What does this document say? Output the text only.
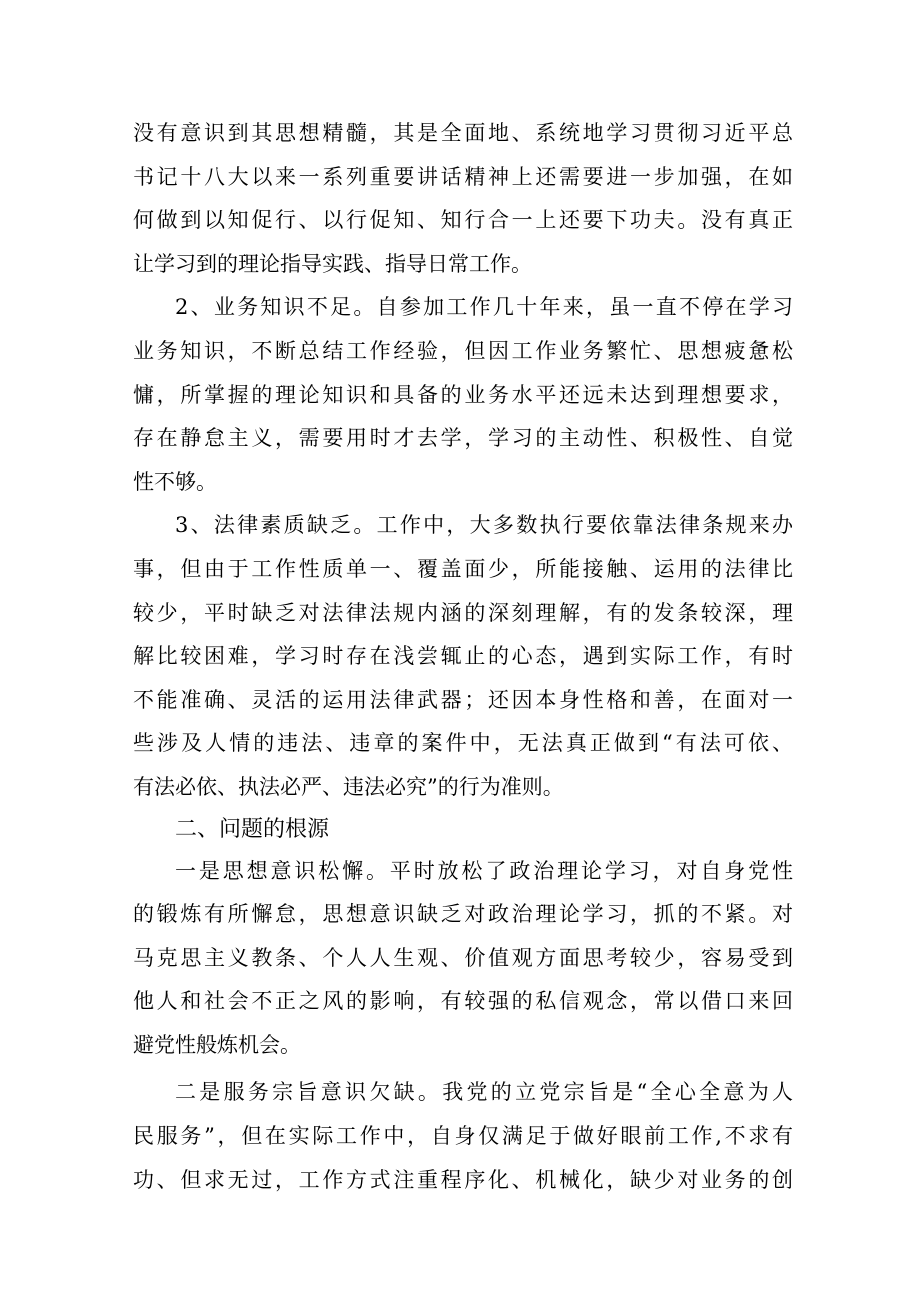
没有意识到其思想精髓，其是全面地、系统地学习贯彻习近平总
书记十八大以来一系列重要讲话精神上还需要进一步加强，在如
何做到以知促行、以行促知、知行合一上还要下功夫。没有真正
让学习到的理论指导实践、指导日常工作。
2、业务知识不足。自参加工作几十年来，虽一直不停在学习
业务知识，不断总结工作经验，但因工作业务繁忙、思想疲惫松
慵，所掌握的理论知识和具备的业务水平还远未达到理想要求，
存在静怠主义，需要用时才去学，学习的主动性、积极性、自觉
性不够。
3、法律素质缺乏。工作中，大多数执行要依靠法律条规来办
事，但由于工作性质单一、覆盖面少，所能接触、运用的法律比
较少，平时缺乏对法律法规内涵的深刻理解，有的发条较深，理
解比较困难，学习时存在浅尝辄止的心态，遇到实际工作，有时
不能准确、灵活的运用法律武器；还因本身性格和善，在面对一
些涉及人情的违法、违章的案件中，无法真正做到“有法可依、
有法必依、执法必严、违法必究”的行为准则。
二、问题的根源
一是思想意识松懈。平时放松了政治理论学习，对自身党性
的锻炼有所懈怠，思想意识缺乏对政治理论学习，抓的不紧。对
马克思主义教条、个人人生观、价值观方面思考较少，容易受到
他人和社会不正之风的影响，有较强的私信观念，常以借口来回
避党性般炼机会。
二是服务宗旨意识欠缺。我党的立党宗旨是“全心全意为人
民服务”，但在实际工作中，自身仅满足于做好眼前工作,不求有
功、但求无过，工作方式注重程序化、机械化，缺少对业务的创
